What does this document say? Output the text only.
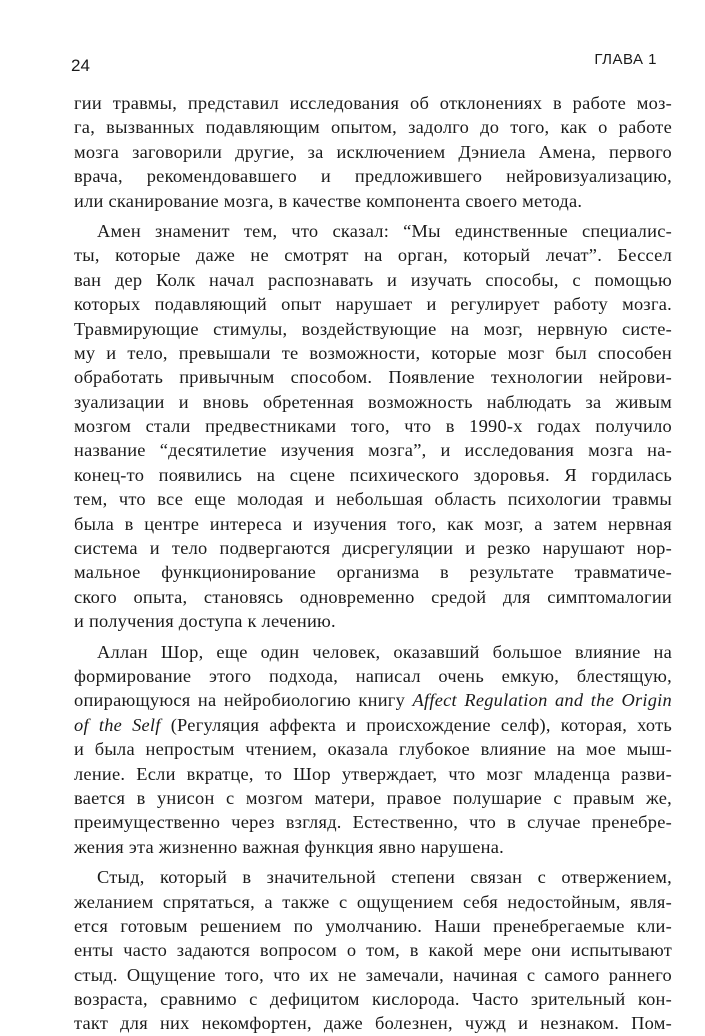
24	ГЛАВА 1
гии травмы, представил исследования об отклонениях в работе моз-
га, вызванных подавляющим опытом, задолго до того, как о работе
мозга заговорили другие, за исключением Дэниела Амена, первого
врача, рекомендовавшего и предложившего нейровизуализацию,
или сканирование мозга, в качестве компонента своего метода.
Амен знаменит тем, что сказал: “Мы единственные специалис-
ты, которые даже не смотрят на орган, который лечат”. Бессел
ван дер Колк начал распознавать и изучать способы, с помощью
которых подавляющий опыт нарушает и регулирует работу мозга.
Травмирующие стимулы, воздействующие на мозг, нервную систе-
му и тело, превышали те возможности, которые мозг был способен
обработать привычным способом. Появление технологии нейрови-
зуализации и вновь обретенная возможность наблюдать за живым
мозгом стали предвестниками того, что в 1990-х годах получило
название “десятилетие изучения мозга”, и исследования мозга на-
конец-то появились на сцене психического здоровья. Я гордилась
тем, что все еще молодая и небольшая область психологии травмы
была в центре интереса и изучения того, как мозг, а затем нервная
система и тело подвергаются дисрегуляции и резко нарушают нор-
мальное функционирование организма в результате травматиче-
ского опыта, становясь одновременно средой для симптомалогии
и получения доступа к лечению.
Аллан Шор, еще один человек, оказавший большое влияние на
формирование этого подхода, написал очень емкую, блестящую,
опирающуюся на нейробиологию книгу Affect Regulation and the Origin
of the Self (Регуляция аффекта и происхождение селф), которая, хоть
и была непростым чтением, оказала глубокое влияние на мое мыш-
ление. Если вкратце, то Шор утверждает, что мозг младенца разви-
вается в унисон с мозгом матери, правое полушарие с правым же,
преимущественно через взгляд. Естественно, что в случае пренебре-
жения эта жизненно важная функция явно нарушена.
Стыд, который в значительной степени связан с отвержением,
желанием спрятаться, а также с ощущением себя недостойным, явля-
ется готовым решением по умолчанию. Наши пренебрегаемые кли-
енты часто задаются вопросом о том, в какой мере они испытывают
стыд. Ощущение того, что их не замечали, начиная с самого раннего
возраста, сравнимо с дефицитом кислорода. Часто зрительный кон-
такт для них некомфортен, даже болезнен, чужд и незнаком. Пом-
